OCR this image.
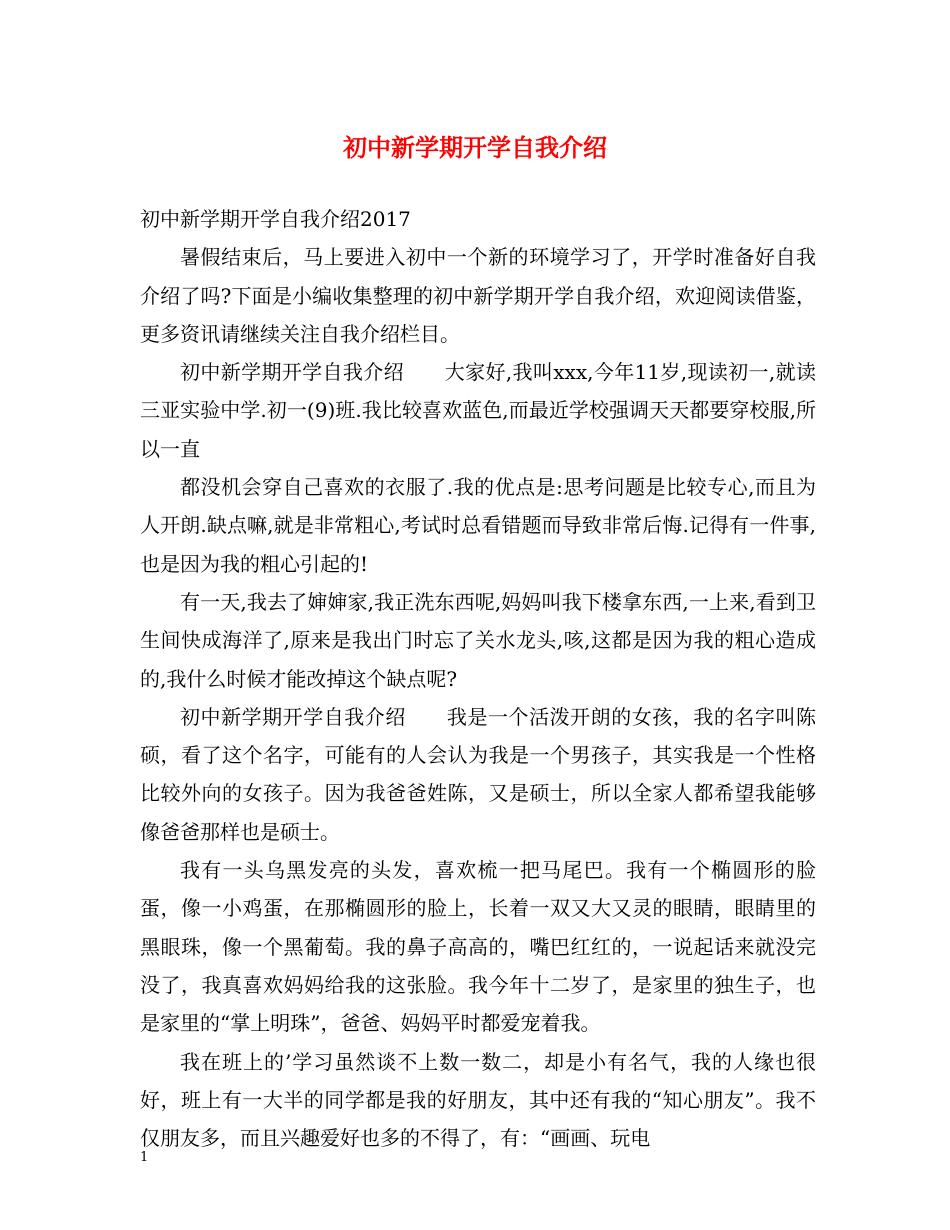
初中新学期开学自我介绍

初中新学期开学自我介绍2017

暑假结束后，马上要进入初中一个新的环境学习了，开学时准备好自我介绍了吗?下面是小编收集整理的初中新学期开学自我介绍，欢迎阅读借鉴，更多资讯请继续关注自我介绍栏目。

初中新学期开学自我介绍　　大家好,我叫xxx,今年11岁,现读初一,就读三亚实验中学.初一(9)班.我比较喜欢蓝色,而最近学校强调天天都要穿校服,所以一直

都没机会穿自己喜欢的衣服了.我的优点是:思考问题是比较专心,而且为人开朗.缺点嘛,就是非常粗心,考试时总看错题而导致非常后悔.记得有一件事,也是因为我的粗心引起的!

有一天,我去了婶婶家,我正洗东西呢,妈妈叫我下楼拿东西,一上来,看到卫生间快成海洋了,原来是我出门时忘了关水龙头,咳,这都是因为我的粗心造成的,我什么时候才能改掉这个缺点呢?

初中新学期开学自我介绍　　我是一个活泼开朗的女孩，我的名字叫陈硕，看了这个名字，可能有的人会认为我是一个男孩子，其实我是一个性格比较外向的女孩子。因为我爸爸姓陈，又是硕士，所以全家人都希望我能够像爸爸那样也是硕士。

我有一头乌黑发亮的头发，喜欢梳一把马尾巴。我有一个椭圆形的脸蛋，像一小鸡蛋，在那椭圆形的脸上，长着一双又大又灵的眼睛，眼睛里的黑眼珠，像一个黑葡萄。我的鼻子高高的，嘴巴红红的，一说起话来就没完没了，我真喜欢妈妈给我的这张脸。我今年十二岁了，是家里的独生子，也是家里的“掌上明珠”，爸爸、妈妈平时都爱宠着我。

我在班上的’学习虽然谈不上数一数二，却是小有名气，我的人缘也很好，班上有一大半的同学都是我的好朋友，其中还有我的“知心朋友”。我不仅朋友多，而且兴趣爱好也多的不得了，有：“画画、玩电

1
